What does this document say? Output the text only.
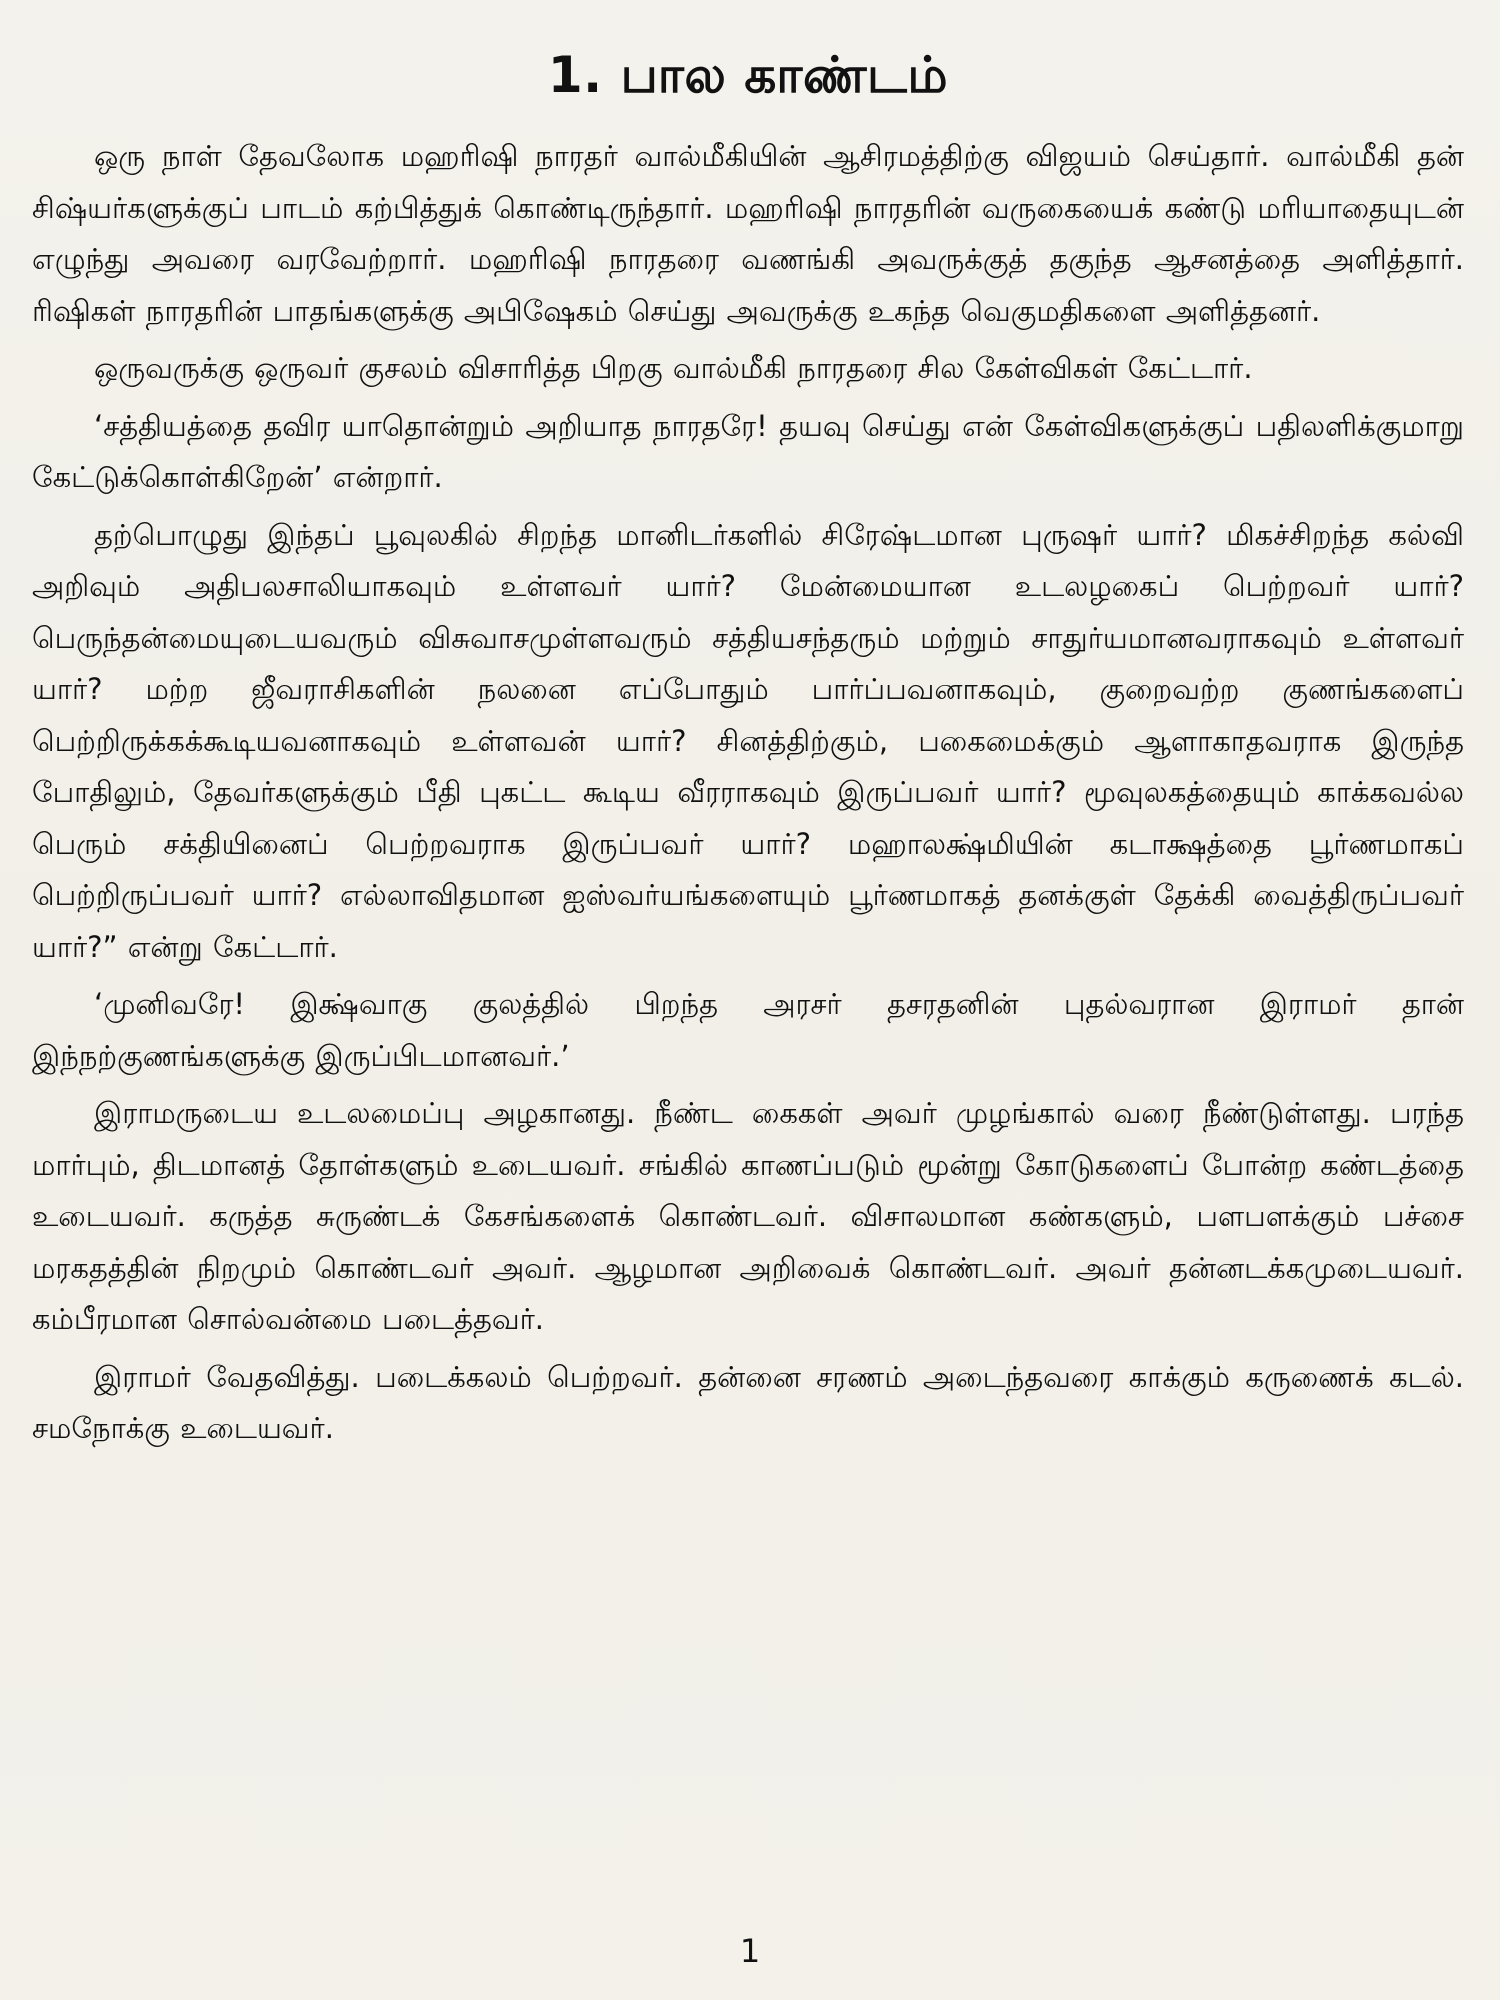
1. பால காண்டம்

ஒரு நாள் தேவலோக மஹரிஷி நாரதர் வால்மீகியின் ஆசிரமத்திற்கு விஜயம் செய்தார். வால்மீகி தன் சிஷ்யர்களுக்குப் பாடம் கற்பித்துக் கொண்டிருந்தார். மஹரிஷி நாரதரின் வருகையைக் கண்டு மரியாதையுடன் எழுந்து அவரை வரவேற்றார். மஹரிஷி நாரதரை வணங்கி அவருக்குத் தகுந்த ஆசனத்தை அளித்தார். ரிஷிகள் நாரதரின் பாதங்களுக்கு அபிஷேகம் செய்து அவருக்கு உகந்த வெகுமதிகளை அளித்தனர்.

ஒருவருக்கு ஒருவர் குசலம் விசாரித்த பிறகு வால்மீகி நாரதரை சில கேள்விகள் கேட்டார்.

‘சத்தியத்தை தவிர யாதொன்றும் அறியாத நாரதரே! தயவு செய்து என் கேள்விகளுக்குப் பதிலளிக்குமாறு கேட்டுக்கொள்கிறேன்’ என்றார்.

தற்பொழுது இந்தப் பூவுலகில் சிறந்த மானிடர்களில் சிரேஷ்டமான புருஷர் யார்? மிகச்சிறந்த கல்வி அறிவும் அதிபலசாலியாகவும் உள்ளவர் யார்? மேன்மையான உடலழகைப் பெற்றவர் யார்? பெருந்தன்மையுடையவரும் விசுவாசமுள்ளவரும் சத்தியசந்தரும் மற்றும் சாதுர்யமானவராகவும் உள்ளவர் யார்? மற்ற ஜீவராசிகளின் நலனை எப்போதும் பார்ப்பவனாகவும், குறைவற்ற குணங்களைப் பெற்றிருக்கக்கூடியவனாகவும் உள்ளவன் யார்? சினத்திற்கும், பகைமைக்கும் ஆளாகாதவராக இருந்த போதிலும், தேவர்களுக்கும் பீதி புகட்ட கூடிய வீரராகவும் இருப்பவர் யார்? மூவுலகத்தையும் காக்கவல்ல பெரும் சக்தியினைப் பெற்றவராக இருப்பவர் யார்? மஹாலக்ஷ்மியின் கடாக்ஷத்தை பூர்ணமாகப் பெற்றிருப்பவர் யார்? எல்லாவிதமான ஐஸ்வர்யங்களையும் பூர்ணமாகத் தனக்குள் தேக்கி வைத்திருப்பவர் யார்?” என்று கேட்டார்.

‘முனிவரே! இக்ஷ்வாகு குலத்தில் பிறந்த அரசர் தசரதனின் புதல்வரான இராமர் தான் இந்நற்குணங்களுக்கு இருப்பிடமானவர்.’

இராமருடைய உடலமைப்பு அழகானது. நீண்ட கைகள் அவர் முழங்கால் வரை நீண்டுள்ளது. பரந்த மார்பும், திடமானத் தோள்களும் உடையவர். சங்கில் காணப்படும் மூன்று கோடுகளைப் போன்ற கண்டத்தை உடையவர். கருத்த சுருண்டக் கேசங்களைக் கொண்டவர். விசாலமான கண்களும், பளபளக்கும் பச்சை மரகதத்தின் நிறமும் கொண்டவர் அவர். ஆழமான அறிவைக் கொண்டவர். அவர் தன்னடக்கமுடையவர். கம்பீரமான சொல்வன்மை படைத்தவர்.

இராமர் வேதவித்து. படைக்கலம் பெற்றவர். தன்னை சரணம் அடைந்தவரை காக்கும் கருணைக் கடல். சமநோக்கு உடையவர்.

1
